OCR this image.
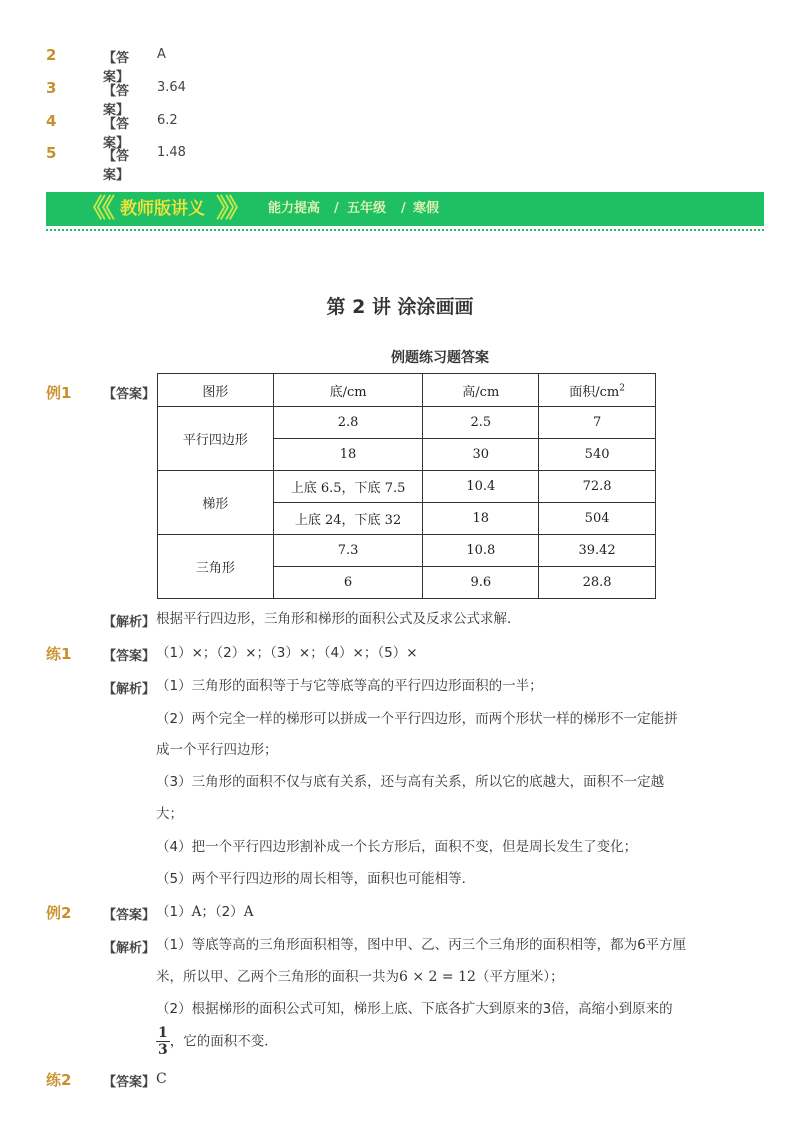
2	【答案】
A
3	【答案】
3.64
4	【答案】
6.2
5	【答案】
1.48
《《 教师版讲义 》》 能力提高 / 五年级 / 寒假
第 2 讲 涂涂画画
例题练习题答案
例1 【答案】	图形	底/cm	高/cm	面积$/cm^2$
平行四边形	2.8	2.5	7
	18	30	540
梯形	上底 6.5，下底 7.5	10.4	72.8
	上底 24，下底 32	18	504
三角形	7.3	10.8	39.42
	6	9.6	28.8
【解析】 根据平行四边形，三角形和梯形的面积公式及反求公式求解．
练1 【答案】 （1）×；（2）×；（3）×；（4）×；（5）×
【解析】 （1）三角形的面积等于与它等底等高的平行四边形面积的一半；
（2）两个完全一样的梯形可以拼成一个平行四边形，而两个形状一样的梯形不一定能拼
成一个平行四边形；
（3）三角形的面积不仅与底有关系，还与高有关系，所以它的底越大，面积不一定越
大；
（4）把一个平行四边形割补成一个长方形后，面积不变，但是周长发生了变化；
（5）两个平行四边形的周长相等，面积也可能相等．
例2 【答案】 （1）A；（2）A
【解析】 （1）等底等高的三角形面积相等，图中甲、乙、丙三个三角形的面积相等，都为6平方厘
米，所以甲、乙两个三角形的面积一共为6 × 2 = 12（平方厘米）；
（2）根据梯形的面积公式可知，梯形上底、下底各扩大到原来的3倍，高缩小到原来的
$\frac{1}{3}$ ，它的面积不变．
练2 【答案】 C
